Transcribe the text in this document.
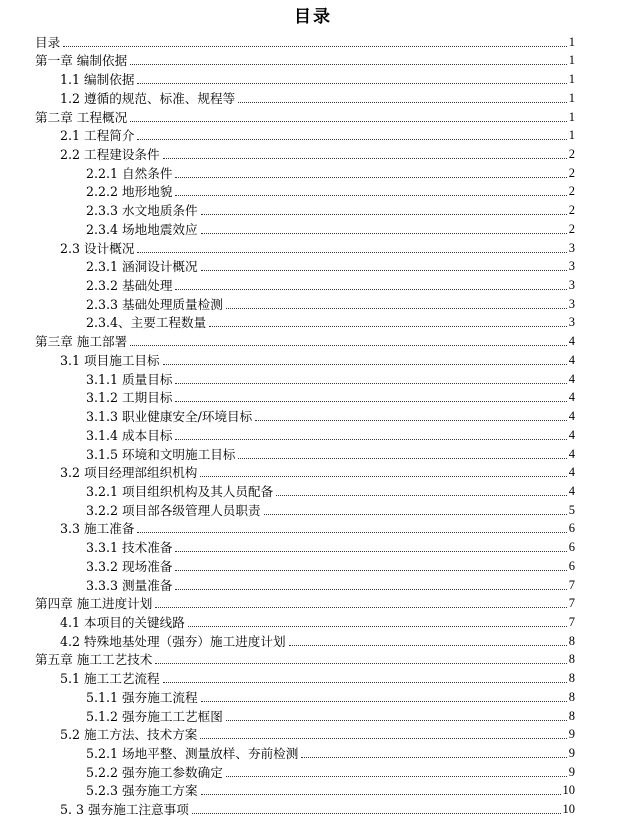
目录
目录	1
第一章 编制依据	1
1.1 编制依据	1
1.2 遵循的规范、标准、规程等	1
第二章 工程概况	1
2.1 工程简介	1
2.2 工程建设条件	2
2.2.1 自然条件	2
2.2.2 地形地貌	2
2.3.3 水文地质条件	2
2.3.4 场地地震效应	2
2.3 设计概况	3
2.3.1 涵洞设计概况	3
2.3.2 基础处理	3
2.3.3 基础处理质量检测	3
2.3.4、主要工程数量	3
第三章 施工部署	4
3.1 项目施工目标	4
3.1.1 质量目标	4
3.1.2 工期目标	4
3.1.3 职业健康安全/环境目标	4
3.1.4 成本目标	4
3.1.5 环境和文明施工目标	4
3.2 项目经理部组织机构	4
3.2.1 项目组织机构及其人员配备	4
3.2.2 项目部各级管理人员职责	5
3.3 施工准备	6
3.3.1 技术准备	6
3.3.2 现场准备	6
3.3.3 测量准备	7
第四章 施工进度计划	7
4.1 本项目的关键线路	7
4.2 特殊地基处理（强夯）施工进度计划	8
第五章 施工工艺技术	8
5.1 施工工艺流程	8
5.1.1 强夯施工流程	8
5.1.2 强夯施工工艺框图	8
5.2 施工方法、技术方案	9
5.2.1 场地平整、测量放样、夯前检测	9
5.2.2 强夯施工参数确定	9
5.2.3 强夯施工方案	10
5. 3 强夯施工注意事项	10
